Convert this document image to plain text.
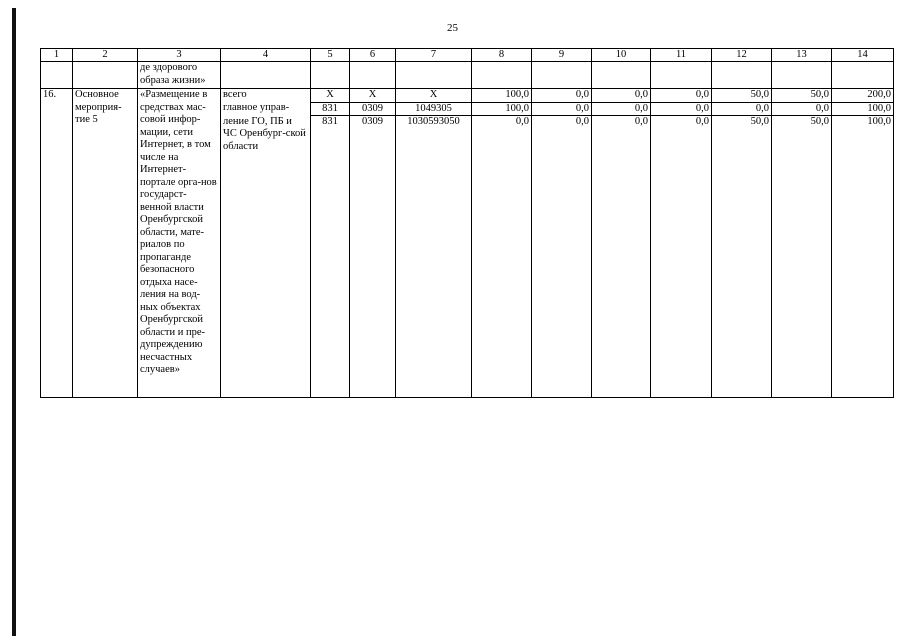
25
1	2	3	4	5	6	7	8	9	10	11	12	13	14
		де здорового образа жизни»											
16.	Основное мероприя-тие 5	«Размещение в средствах мас-совой инфор-мации, сети Интернет, в том числе на Интернет-портале орга-нов государст-венной власти Оренбургской области, мате-риалов по пропаганде безопасного отдыха насе-ления на вод-ных объектах Оренбургской области и пре-дупреждению несчастных случаев»	всего	Х	Х	Х	100,0	0,0	0,0	0,0	50,0	50,0	200,0
			главное управ-	831	0309	1049305	100,0	0,0	0,0	0,0	0,0	0,0	100,0
			ление ГО, ПБ и ЧС Оренбург-ской области	831	0309	1030593050	0,0	0,0	0,0	0,0	50,0	50,0	100,0
